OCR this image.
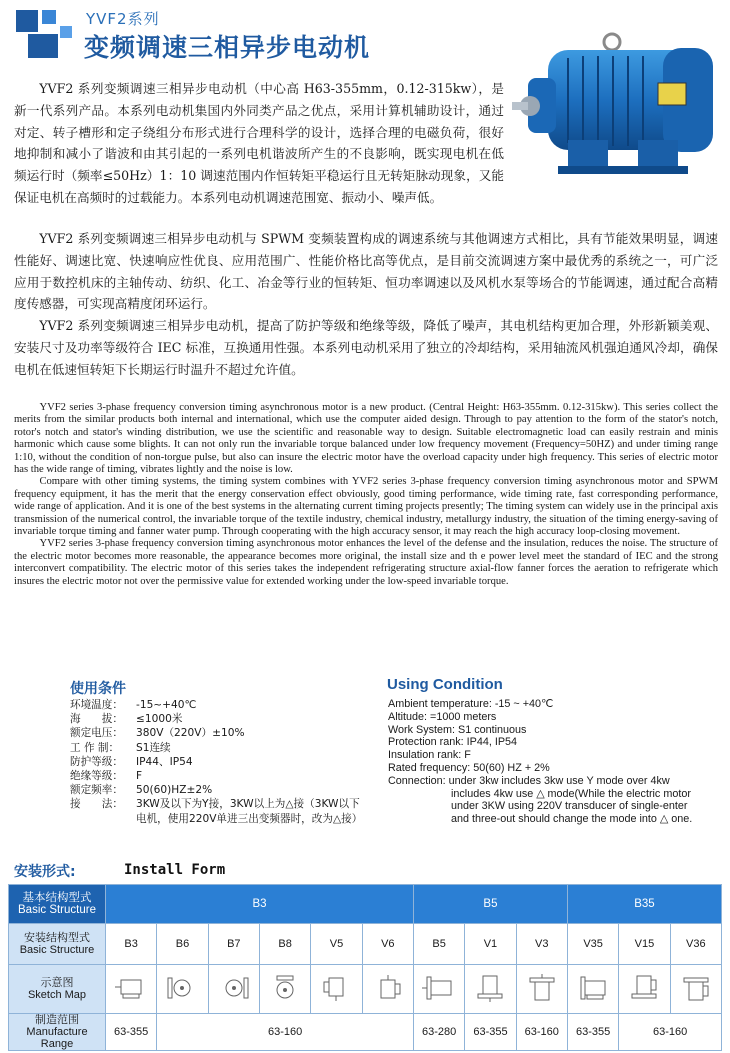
YVF2系列
变频调速三相异步电动机

YVF2 系列变频调速三相异步电动机（中心高 H63-355mm，0.12-315kw），是新一代系列产品。本系列电动机集国内外同类产品之优点，采用计算机辅助设计，通过对定、转子槽形和定子绕组分布形式进行合理科学的设计，选择合理的电磁负荷，很好地抑制和减小了谐波和由其引起的一系列电机谐波所产生的不良影响，既实现电机在低频运行时（频率≤50Hz）1：10 调速范围内作恒转矩平稳运行且无转矩脉动现象，又能保证电机在高频时的过载能力。本系列电动机调速范围宽、振动小、噪声低。

YVF2 系列变频调速三相异步电动机与 SPWM 变频装置构成的调速系统与其他调速方式相比，具有节能效果明显，调速性能好、调速比宽、快速响应性优良、应用范围广、性能价格比高等优点，是目前交流调速方案中最优秀的系统之一，可广泛应用于数控机床的主轴传动、纺织、化工、冶金等行业的恒转矩、恒功率调速以及风机水泵等场合的节能调速，通过配合高精度传感器，可实现高精度闭环运行。

YVF2 系列变频调速三相异步电动机，提高了防护等级和绝缘等级，降低了噪声，其电机结构更加合理，外形新颖美观、安装尺寸及功率等级符合 IEC 标准，互换通用性强。本系列电动机采用了独立的冷却结构，采用轴流风机强迫通风冷却，确保电机在低速恒转矩下长期运行时温升不超过允许值。

YVF2 series 3-phase frequency conversion timing asynchronous motor is a new product. (Central Height: H63-355mm. 0.12-315kw). This series collect the merits from the similar products both internal and international, which use the computer aided design. Through to pay attention to the form of the stator's notch, rotor's notch and stator's winding distribution, we use the scientific and reasonable way to design. Suitable electromagnetic load can easily restrain and minis harmonic which cause some blights. It can not only run the invariable torque balanced under low frequency movement (Frequency=50HZ) and under timing range 1:10, without the condition of non-torgue pulse, but also can insure the electric motor have the overload capacity under high frequency. This series of electric motor has the wide range of timing, vibrates lightly and the noise is low.

Compare with other timing systems, the timing system combines with YVF2 series 3-phase frequency conversion timing asynchronous motor and SPWM frequency equipment, it has the merit that the energy conservation effect obviously, good timing performance, wide timing rate, fast corresponding performance, wide range of application. And it is one of the best systems in the alternating current timing projects presently; The timing system can widely use in the principal axis transmission of the numerical control, the invariable torque of the textile industry, chemical industry, metallurgy industry, the situation of the timing energy-saving of invariable torque timing and fanner water pump. Through cooperating with the high accuracy sensor, it may reach the high accuracy loop-closing movement.

YVF2 series 3-phase frequency conversion timing asynchronous motor enhances the level of the defense and the insulation, reduces the noise. The structure of the electric motor becomes more reasonable, the appearance becomes more original, the install size and th e power level meet the standard of IEC and the strong interconvert compatibility. The electric motor of this series takes the independent refrigerating structure axial-flow fanner forces the aeration to refrigerate which insures the electric motor not over the permissive value for extended working under the low-speed invariable torque.

使用条件	Using Condition
环境温度：	-15~+40℃
海　　拔：	≤1000米
额定电压：	380V（220V）±10%
工 作 制：	S1连续
防护等级：	IP44、IP54
绝缘等级：	F
额定频率：	50(60)HZ±2%
接　　法：	3KW及以下为Y接，3KW以上为△接（3KW以下电机，使用220V单进三出变频器时，改为△接）
Ambient temperature: -15 ~ +40℃
Altitude: =1000 meters
Work System: S1 continuous
Protection rank: IP44, IP54
Insulation rank: F
Rated frequency: 50(60) HZ + 2%
Connection: under 3kw includes 3kw use Y mode over 4kw
includes 4kw use △ mode(While the electric motor under 3KW using 220V transducer of single-enter and three-out should change the mode into △ one.
安装形式:	Install Form
基本结构型式
Basic Structure	B3						B5			B35		
安装结构型式
Basic Structure	B3	B6	B7	B8	V5	V6	B5	V1	V3	V35	V15	V36
示意图
Sketch Map												
制造范围
Manufacture Range	63-355	63-160					63-280	63-355	63-160	63-355	63-160	
